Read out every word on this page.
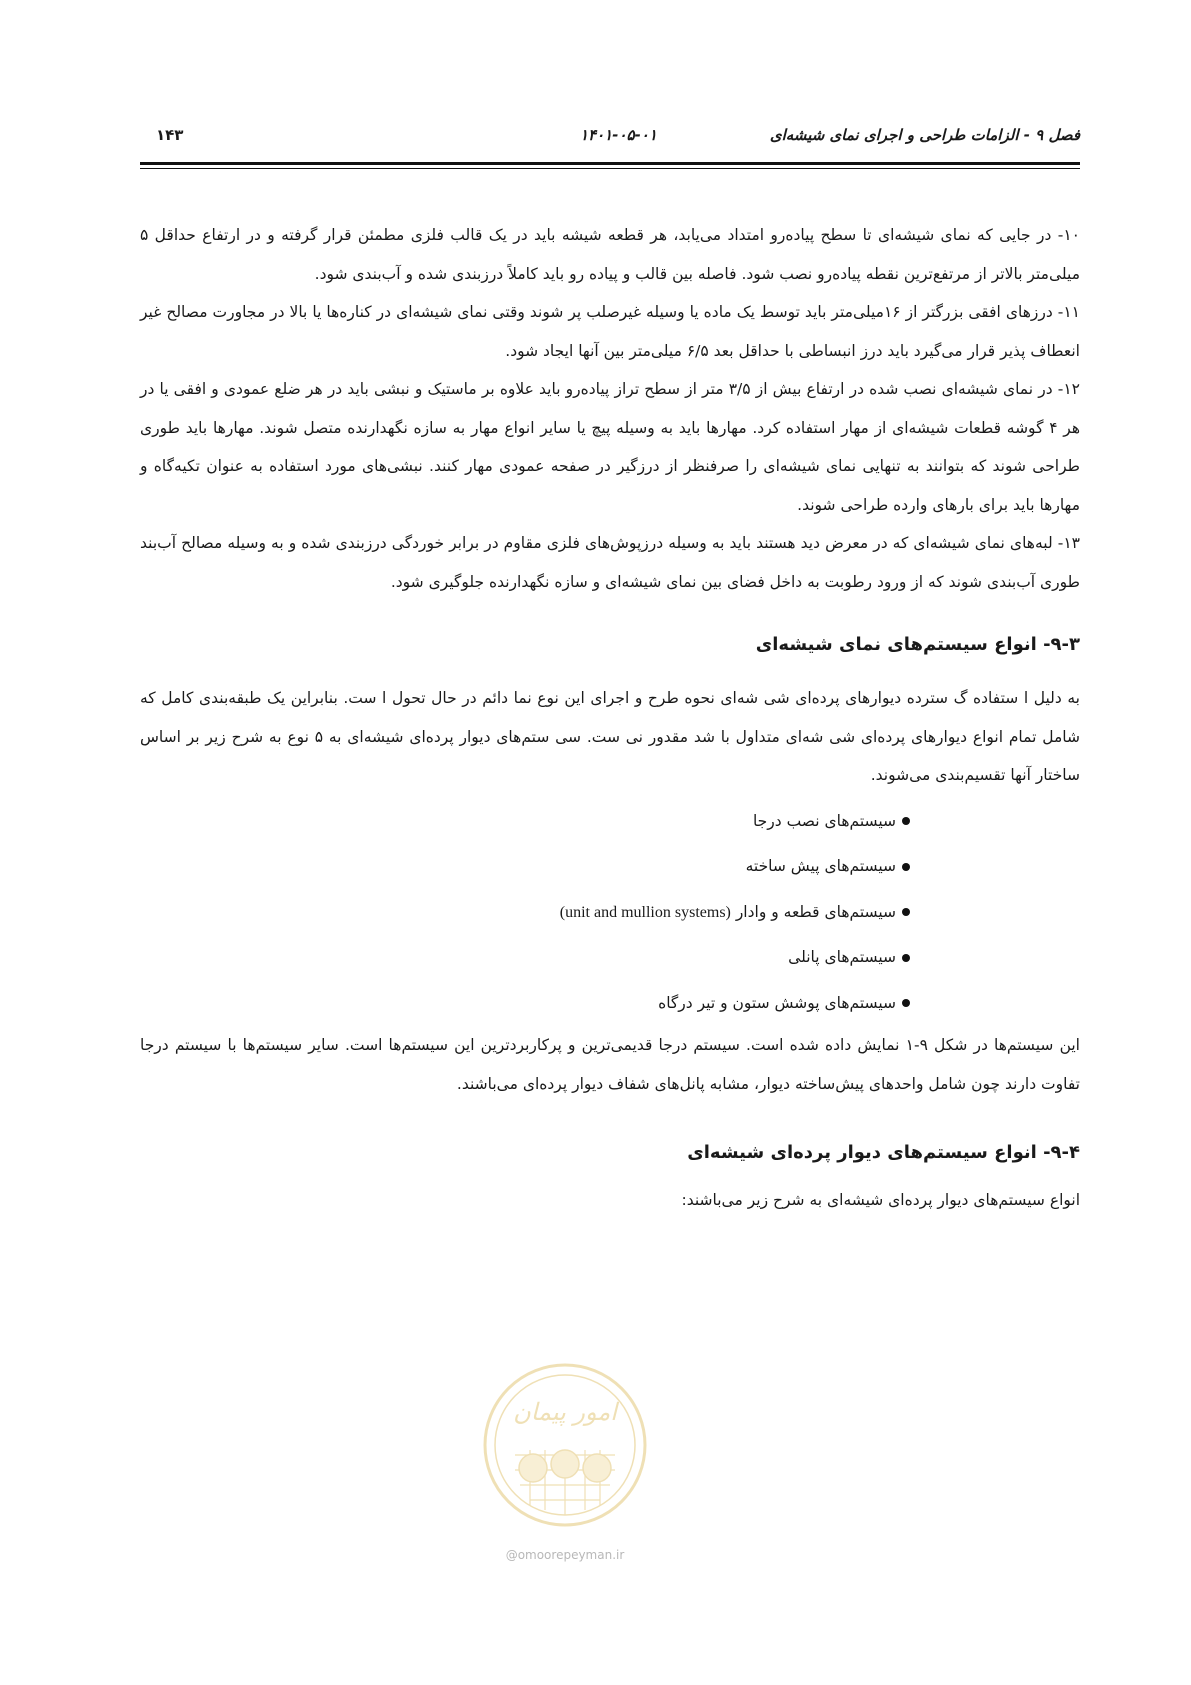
فصل ۹ - الزامات طراحی و اجرای نمای شیشه‌ای
۱۴۰۱-۰۵-۰۱
۱۴۳

۱۰- در جایی که نمای شیشه‌ای تا سطح پیاده‌رو امتداد می‌یابد، هر قطعه شیشه باید در یک قالب فلزی مطمئن قرار گرفته و در ارتفاع حداقل ۵ میلی‌متر بالاتر از مرتفع‌ترین نقطه پیاده‌رو نصب شود. فاصله بین قالب و پیاده رو باید کاملاً درزبندی شده و آب‌بندی شود.

۱۱- درزهای افقی بزرگتر از ۱۶میلی‌متر باید توسط یک ماده یا وسیله غیرصلب پر شوند وقتی نمای شیشه‌ای در کناره‌ها یا بالا در مجاورت مصالح غیر انعطاف پذیر قرار می‌گیرد باید درز انبساطی با حداقل بعد ۶/۵ میلی‌متر بین آنها ایجاد شود.

۱۲- در نمای شیشه‌ای نصب شده در ارتفاع بیش از ۳/۵ متر از سطح تراز پیاده‌رو باید علاوه بر ماستیک و نبشی باید در هر ضلع عمودی و افقی یا در هر ۴ گوشه قطعات شیشه‌ای از مهار استفاده کرد. مهارها باید به وسیله پیچ یا سایر انواع مهار به سازه نگهدارنده متصل شوند. مهارها باید طوری طراحی شوند که بتوانند به تنهایی نمای شیشه‌ای را صرفنظر از درزگیر در صفحه عمودی مهار کنند. نبشی‌های مورد استفاده به عنوان تکیه‌گاه و مهارها باید برای بارهای وارده طراحی شوند.

۱۳- لبه‌های نمای شیشه‌ای که در معرض دید هستند باید به وسیله درزپوش‌های فلزی مقاوم در برابر خوردگی درزبندی شده و به وسیله مصالح آب‌بند طوری آب‌بندی شوند که از ورود رطوبت به داخل فضای بین نمای شیشه‌ای و سازه نگهدارنده جلوگیری شود.

۹-۳- انواع سیستم‌های نمای شیشه‌ای

به دلیل ا ستفاده گ سترده دیوارهای پرده‌ای شی شه‌ای نحوه طرح و اجرای این نوع نما دائم در حال تحول ا ست. بنابراین یک طبقه‌بندی کامل که شامل تمام انواع دیوارهای پرده‌ای شی شه‌ای متداول با شد مقدور نی ست. سی ستم‌های دیوار پرده‌ای شیشه‌ای به ۵ نوع به شرح زیر بر اساس ساختار آنها تقسیم‌بندی می‌شوند.

سیستم‌های نصب درجا
سیستم‌های پیش ساخته
سیستم‌های قطعه و وادار (unit and mullion systems)
سیستم‌های پانلی
سیستم‌های پوشش ستون و تیر درگاه

این سیستم‌ها در شکل ۹-۱ نمایش داده شده است. سیستم درجا قدیمی‌ترین و پرکاربردترین این سیستم‌ها است. سایر سیستم‌ها با سیستم درجا تفاوت دارند چون شامل واحدهای پیش‌ساخته دیوار، مشابه پانل‌های شفاف دیوار پرده‌ای می‌باشند.

۹-۴- انواع سیستم‌های دیوار پرده‌ای شیشه‌ای

انواع سیستم‌های دیوار پرده‌ای شیشه‌ای به شرح زیر می‌باشند:

امور پیمان
@omoorepeyman.ir
